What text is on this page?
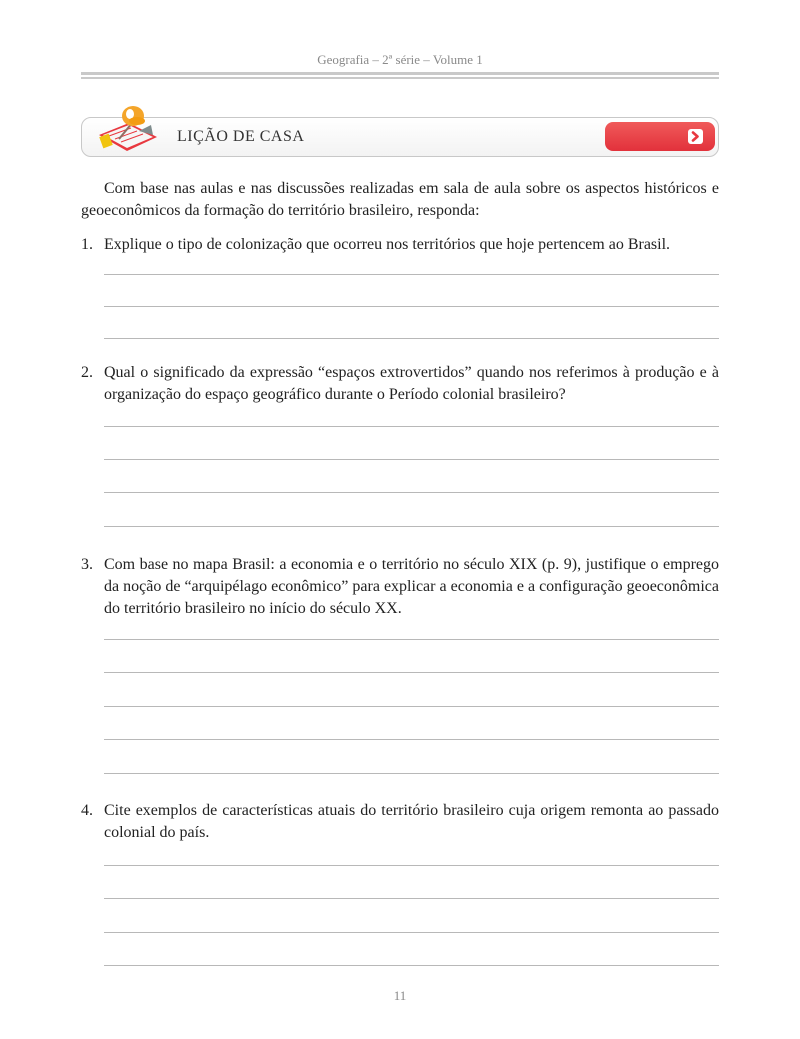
Geografia – 2ª série – Volume 1
LIÇÃO DE CASA

Com base nas aulas e nas discussões realizadas em sala de aula sobre os aspectos históricos e geoeconômicos da formação do território brasileiro, responda:

1. Explique o tipo de colonização que ocorreu nos territórios que hoje pertencem ao Brasil.
2. Qual o significado da expressão “espaços extrovertidos” quando nos referimos à produção e à organização do espaço geográfico durante o Período colonial brasileiro?
3. Com base no mapa Brasil: a economia e o território no século XIX (p. 9), justifique o emprego da noção de “arquipélago econômico” para explicar a economia e a configuração geoeconômica do território brasileiro no início do século XX.
4. Cite exemplos de características atuais do território brasileiro cuja origem remonta ao passado colonial do país.
11
